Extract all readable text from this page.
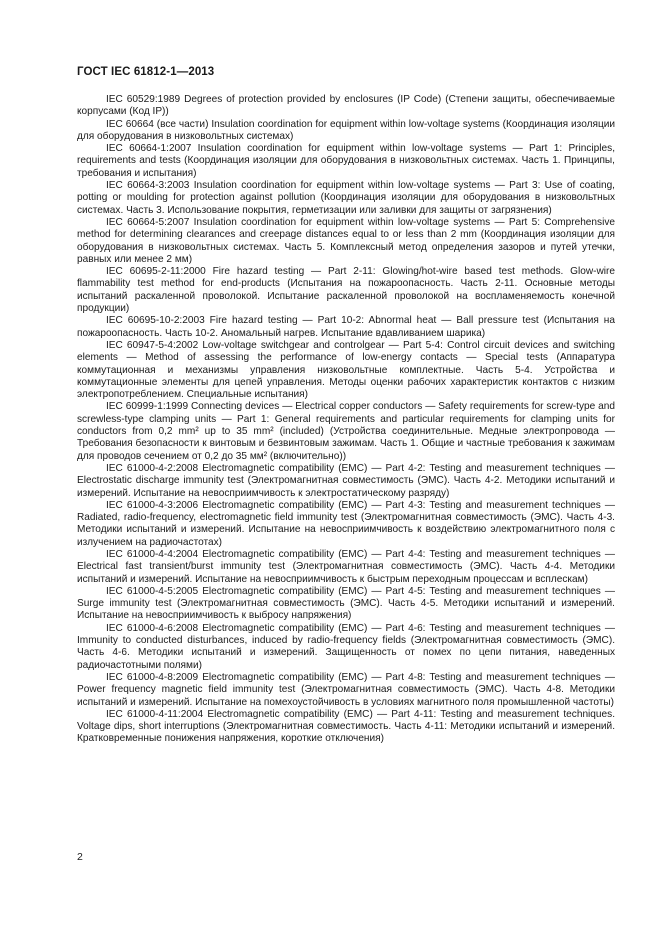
ГОСТ IEC 61812-1—2013

IEC 60529:1989 Degrees of protection provided by enclosures (IP Code) (Степени защиты, обеспечиваемые корпусами (Код IP))

IEC 60664 (все части) Insulation coordination for equipment within low-voltage systems (Координация изоляции для оборудования в низковольтных системах)

IEC 60664-1:2007 Insulation coordination for equipment within low-voltage systems — Part 1: Principles, requirements and tests (Координация изоляции для оборудования в низковольтных системах. Часть 1. Принципы, требования и испытания)

IEC 60664-3:2003 Insulation coordination for equipment within low-voltage systems — Part 3: Use of coating, potting or moulding for protection against pollution (Координация изоляции для оборудования в низковольтных системах. Часть 3. Использование покрытия, герметизации или заливки для защиты от загрязнения)

IEC 60664-5:2007 Insulation coordination for equipment within low-voltage systems — Part 5: Comprehensive method for determining clearances and creepage distances equal to or less than 2 mm (Координация изоляции для оборудования в низковольтных системах. Часть 5. Комплексный метод определения зазоров и путей утечки, равных или менее 2 мм)

IEC 60695-2-11:2000 Fire hazard testing — Part 2-11: Glowing/hot-wire based test methods. Glow-wire flammability test method for end-products (Испытания на пожароопасность. Часть 2-11. Основные методы испытаний раскаленной проволокой. Испытание раскаленной проволокой на воспламеняемость конечной продукции)

IEC 60695-10-2:2003 Fire hazard testing — Part 10-2: Abnormal heat — Ball pressure test (Испытания на пожароопасность. Часть 10-2. Аномальный нагрев. Испытание вдавливанием шарика)

IEC 60947-5-4:2002 Low-voltage switchgear and controlgear — Part 5-4: Control circuit devices and switching elements — Method of assessing the performance of low-energy contacts — Special tests (Аппаратура коммутационная и механизмы управления низковольтные комплектные. Часть 5-4. Устройства и коммутационные элементы для цепей управления. Методы оценки рабочих характеристик контактов с низким электропотреблением. Специальные испытания)

IEC 60999-1:1999 Connecting devices — Electrical copper conductors — Safety requirements for screw-type and screwless-type clamping units — Part 1: General requirements and particular requirements for clamping units for conductors from 0,2 mm² up to 35 mm² (included) (Устройства соединительные. Медные электропровода — Требования безопасности к винтовым и безвинтовым зажимам. Часть 1. Общие и частные требования к зажимам для проводов сечением от 0,2 до 35 мм² (включительно))

IEC 61000-4-2:2008 Electromagnetic compatibility (EMC) — Part 4-2: Testing and measurement techniques — Electrostatic discharge immunity test (Электромагнитная совместимость (ЭМС). Часть 4-2. Методики испытаний и измерений. Испытание на невосприимчивость к электростатическому разряду)

IEC 61000-4-3:2006 Electromagnetic compatibility (EMC) — Part 4-3: Testing and measurement techniques — Radiated, radio-frequency, electromagnetic field immunity test (Электромагнитная совместимость (ЭМС). Часть 4-3. Методики испытаний и измерений. Испытание на невосприимчивость к воздействию электромагнитного поля с излучением на радиочастотах)

IEC 61000-4-4:2004 Electromagnetic compatibility (EMC) — Part 4-4: Testing and measurement techniques — Electrical fast transient/burst immunity test (Электромагнитная совместимость (ЭМС). Часть 4-4. Методики испытаний и измерений. Испытание на невосприимчивость к быстрым переходным процессам и всплескам)

IEC 61000-4-5:2005 Electromagnetic compatibility (EMC) — Part 4-5: Testing and measurement techniques — Surge immunity test (Электромагнитная совместимость (ЭМС). Часть 4-5. Методики испытаний и измерений. Испытание на невосприимчивость к выбросу напряжения)

IEC 61000-4-6:2008 Electromagnetic compatibility (EMC) — Part 4-6: Testing and measurement techniques — Immunity to conducted disturbances, induced by radio-frequency fields (Электромагнитная совместимость (ЭМС). Часть 4-6. Методики испытаний и измерений. Защищенность от помех по цепи питания, наведенных радиочастотными полями)

IEC 61000-4-8:2009 Electromagnetic compatibility (EMC) — Part 4-8: Testing and measurement techniques — Power frequency magnetic field immunity test (Электромагнитная совместимость (ЭМС). Часть 4-8. Методики испытаний и измерений. Испытание на помехоустойчивость в условиях магнитного поля промышленной частоты)

IEC 61000-4-11:2004 Electromagnetic compatibility (EMC) — Part 4-11: Testing and measurement techniques. Voltage dips, short interruptions (Электромагнитная совместимость. Часть 4-11: Методики испытаний и измерений. Кратковременные понижения напряжения, короткие отключения)

2
